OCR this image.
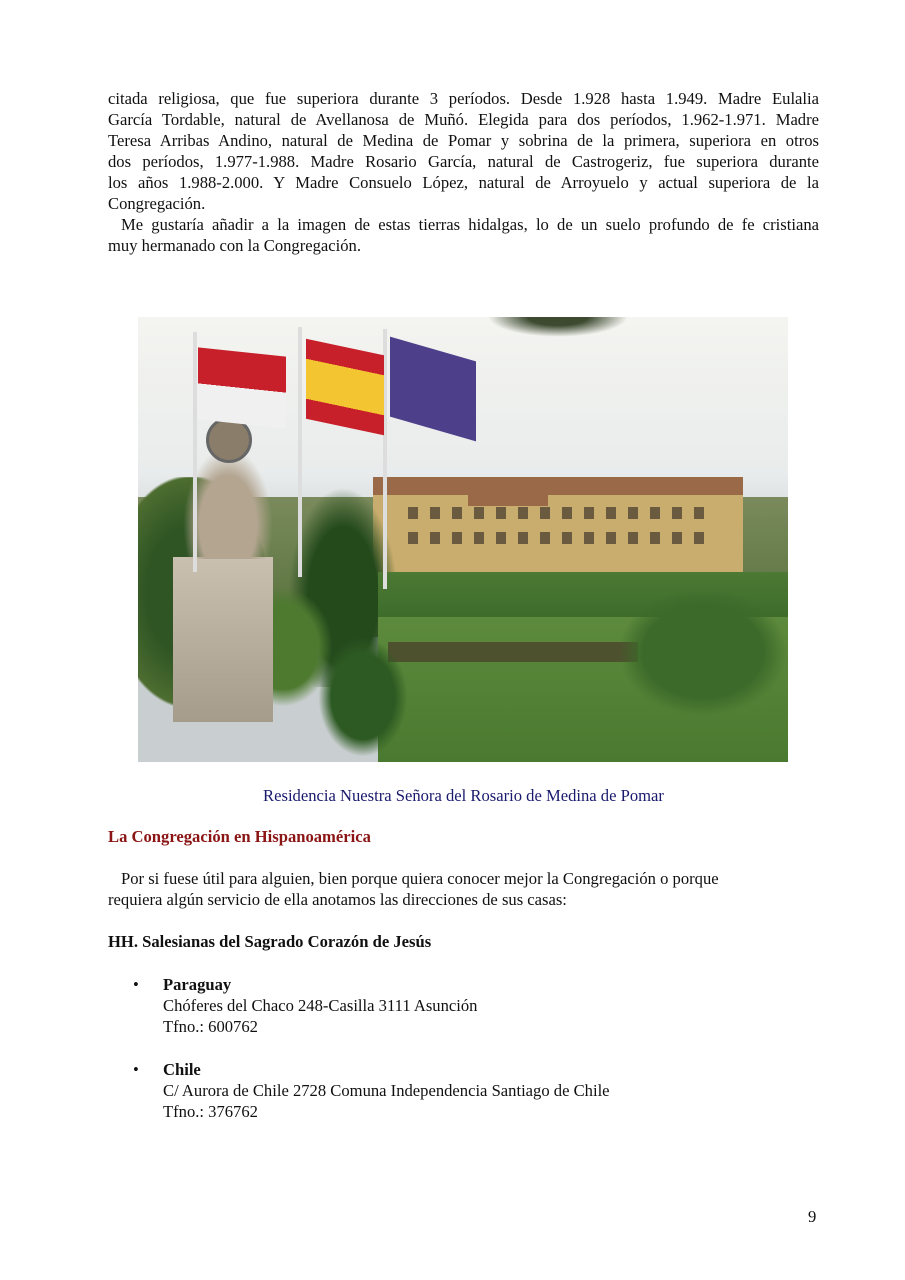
citada religiosa, que fue superiora durante 3 períodos. Desde 1.928 hasta 1.949. Madre Eulalia
García Tordable, natural de Avellanosa de Muñó. Elegida para dos períodos, 1.962-1.971. Madre
Teresa Arribas Andino, natural de Medina de Pomar y sobrina de la primera, superiora en otros
dos períodos, 1.977-1.988. Madre Rosario García, natural de Castrogeriz, fue superiora durante
los años 1.988-2.000. Y Madre Consuelo López, natural de Arroyuelo y actual superiora de la
Congregación.
Me gustaría añadir a la imagen de estas tierras hidalgas, lo de un suelo profundo de fe cristiana
muy hermanado con la Congregación.
Residencia Nuestra Señora del Rosario de Medina de Pomar
La Congregación en Hispanoamérica
Por si fuese útil para alguien, bien porque quiera conocer mejor la Congregación o porque
requiera algún servicio de ella anotamos las direcciones de sus casas:
HH. Salesianas del Sagrado Corazón de Jesús
• Paraguay
Chóferes del Chaco 248-Casilla 3111 Asunción
Tfno.: 600762
• Chile
C/ Aurora de Chile 2728 Comuna Independencia Santiago de Chile
Tfno.: 376762
9
